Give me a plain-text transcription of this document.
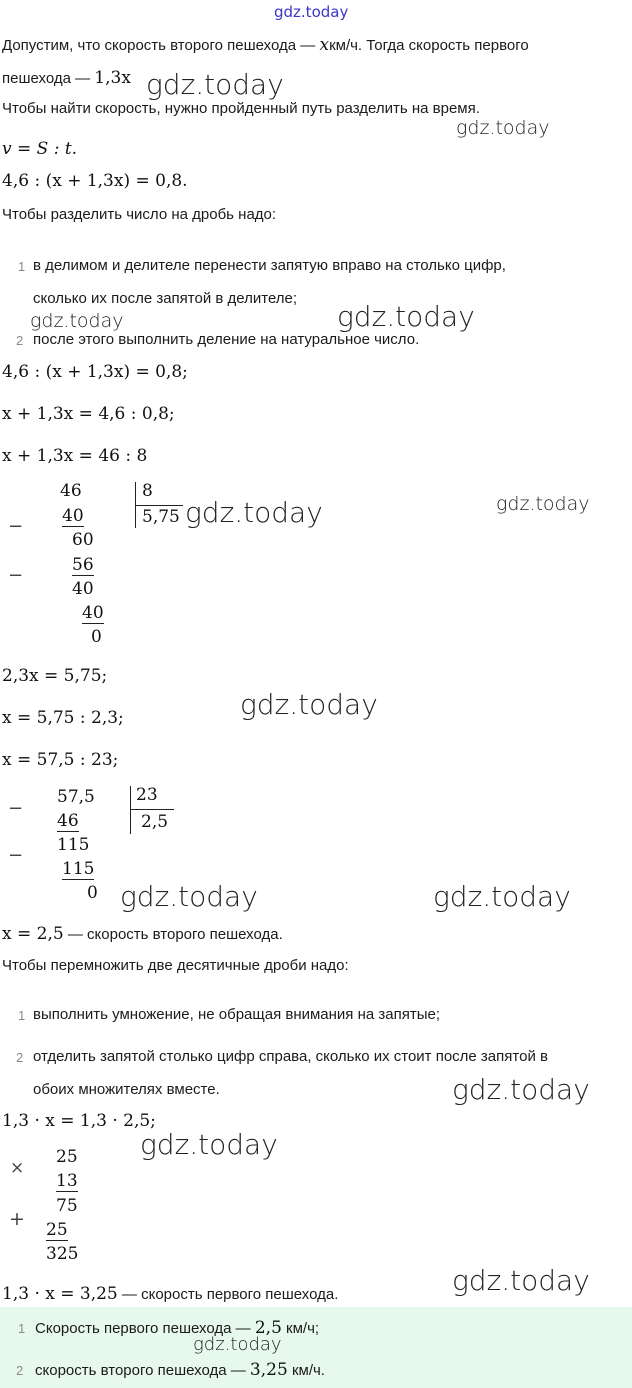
gdz.today
Допустим, что скорость второго пешехода — xкм/ч. Тогда скорость первого
пешехода — 1,3x
Чтобы найти скорость, нужно пройденный путь разделить на время.
v = S : t.
4,6 : (x + 1,3x) = 0,8.
Чтобы разделить число на дробь надо:
1 в делимом и делителе перенести запятую вправо на столько цифр,
сколько их после запятой в делителе;
2 после этого выполнить деление на натуральное число.
4,6 : (x + 1,3x) = 0,8;
x + 1,3x = 4,6 : 0,8;
x + 1,3x = 46 : 8
−
−
46
40
60
56
40
40
0
8
5,75
2,3x = 5,75;
x = 5,75 : 2,3;
x = 57,5 : 23;
−
−
57,5
46
115
115
0
23
2,5
x = 2,5 — скорость второго пешехода.
Чтобы перемножить две десятичные дроби надо:
1 выполнить умножение, не обращая внимания на запятые;
2 отделить запятой столько цифр справа, сколько их стоит после запятой в
обоих множителях вместе.
1,3 · x = 1,3 · 2,5;
×
+
25
13
75
25
325
1,3 · x = 3,25 — скорость первого пешехода.
1 Скорость первого пешехода — 2,5 км/ч;
2 скорость второго пешехода — 3,25 км/ч.
gdz.today
gdz.today
gdz.today	gdz.today
gdz.today	gdz.today
gdz.today
gdz.today	gdz.today
gdz.today
gdz.today
gdz.today
gdz.today
